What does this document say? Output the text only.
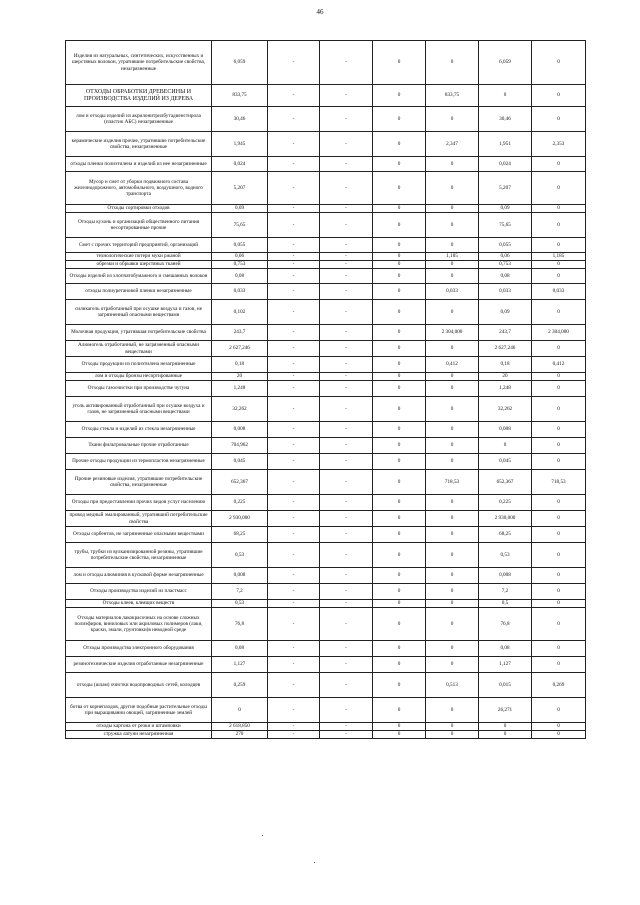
46
Изделия из натуральных, синтетических, искусственных и шерстяных волокон, утратившие потребительские свойства, незагрязненные	6,059	-	-	0	0	6,059	0
ОТХОДЫ ОБРАБОТКИ ДРЕВЕСИНЫ И ПРОИЗВОДСТВА ИЗДЕЛИЙ ИЗ ДЕРЕВА	833,75	-	-	0	833,75	0	0
лом и отходы изделий из акрилонитрилбутадиенстирола (пластик АБС) незагрязненные	30,46	-	-	0	0	30,46	0
керамические изделия прочие, утратившие потребительские свойства, незагрязненные	1,945	-	-	0	2,347	1,951	2,353
отходы пленки полиэтилена и изделий из нее незагрязненные	0,024	-	-	0	0	0,024	0
Мусор и смет от уборки подвижного состава железнодорожного, автомобильного, воздушного, водного транспорта	5,207	-	-	0	0	5,207	0
Отходы сортировки отходов	0,09	-	-	0	0	0,09	0
Отходы кухонь и организаций общественного питания несортированные прочие	75,65	-	-	0	0	75,65	0
Смет с прочих территорий предприятий, организаций	0,055	-	-	0	0	0,055	0
технологические потери муки ржаной	0,06	-	-	0	1,185	0,06	1,185
обрезки и обрывки шерстяных тканей	0,753	-	-	0	0	0,753	0
Отходы изделий из хлопчатобумажного и смешанных волокон	0,08	-	-	0	0	0,08	0
отходы полиуретановой пленки незагрязненные	0,033	-	-	0	0,033	0,033	0,033
силикагель отработанный при осушке воздуха и газов, не загрязненный опасными веществами	0,102	-	-	0	0	0,09	0
Молочная продукция, утратившая потребительские свойства	243,7	-	-	0	2 304,000	243,7	2 304,000
Алюмогель отработанный, не загрязненный опасными веществами	2 627,246	-	-	0	0	2 627,246	0
Отходы продукции из полиэтилена незагрязненные	0,18	-	-	0	0,412	0,18	0,412
лом и отходы бронзы несортированные	20	-	-	0	0	20	0
Отходы газоочистки при производстве чугуна	1,248	-	-	0	0	1,248	0
уголь активированный отработанный при осушке воздуха и газов, не загрязненный опасными веществами	32,262	-	-	0	0	32,262	0
Отходы стекла и изделий из стекла незагрязненные	0,008	-	-	0	0	0,008	0
Ткани фильтровальные прочие отработанные	704,962	-	-	0	0	0	0
Прочие отходы продукции из термопластов незагрязненные	0,045	-	-	0	0	0,045	0
Прочие резиновые изделия, утратившие потребительские свойства, незагрязненные	652,367	-	-	0	718,53	652,367	718,53
Отходы при предоставлении прочих видов услуг населению	0,225	-	-	0	0	0,225	0
провод медный эмалированный, утративший потребительские свойства	2 930,000	-	-	0	0	2 930,000	0
Отходы сорбентов, не загрязненные опасными веществами	68,25	-	-	0	0	68,25	0
трубы, трубки из вулканизированной резины, утратившие потребительские свойства, незагрязненные	0,53	-	-	0	0	0,53	0
лом и отходы алюминия в кусковой форме незагрязненные	0,008	-	-	0	0	0,008	0
Отходы производства изделий из пластмасс	7,2	-	-	0	0	7,2	0
Отходы клеев, клеящих веществ	0,53	-	-	0	0	0,5	0
Отходы материалов лакокрасочных на основе сложных полиэфиров, виниловых или акриловых полимеров (лаки, краски, эмали, грунтовки)в неводной среде	76,8	-	-	0	0	76,8	0
Отходы производства электронного оборудования	0,08	-	-	0	0	0,08	0
резинотехнические изделия отработанные незагрязненные	1,127	-	-	0	0	1,127	0
отходы (шлам) очистки водопроводных сетей, колодцев	0,259	-	-	0	0,513	0,015	0,269
ботва от корнеплодов, другие подобные растительные отходы при выращивании овощей, загрязненные землей	0	-	-	0	0	26,271	0
отходы картона от резки и штамповки	2 618,850	-	-	0	0	0	0
стружка латуни незагрязненная	270	-	-	0	0	0	0
